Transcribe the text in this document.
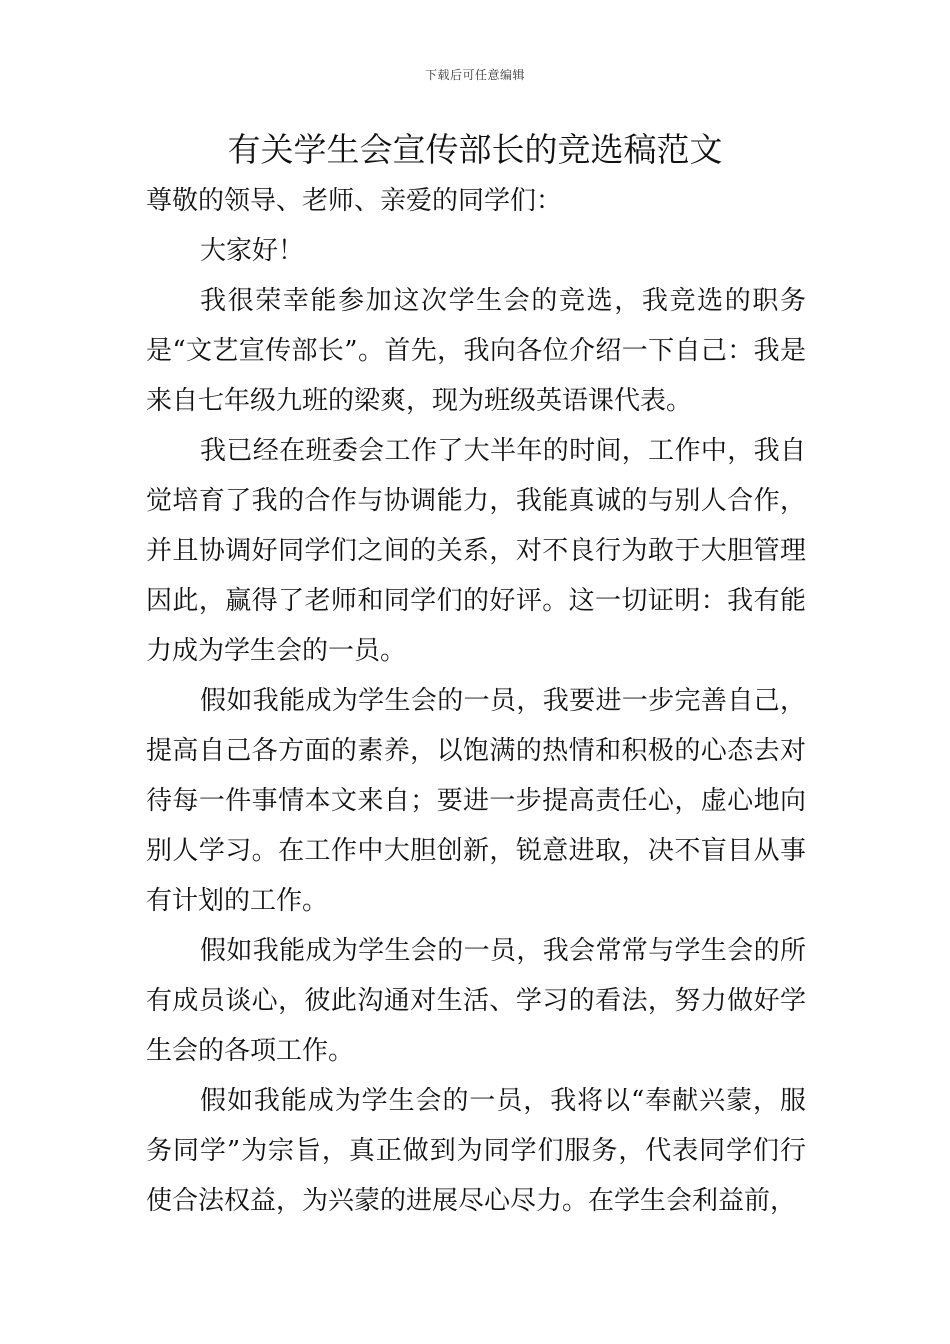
下载后可任意编辑
有关学生会宣传部长的竞选稿范文

尊敬的领导、老师、亲爱的同学们：

大家好！

我很荣幸能参加这次学生会的竞选，我竞选的职务是“文艺宣传部长”。首先，我向各位介绍一下自己：我是来自七年级九班的梁爽，现为班级英语课代表。

我已经在班委会工作了大半年的时间，工作中，我自觉培育了我的合作与协调能力，我能真诚的与别人合作，并且协调好同学们之间的关系，对不良行为敢于大胆管理因此，赢得了老师和同学们的好评。这一切证明：我有能力成为学生会的一员。

假如我能成为学生会的一员，我要进一步完善自己，提高自己各方面的素养，以饱满的热情和积极的心态去对待每一件事情本文来自；要进一步提高责任心，虚心地向别人学习。在工作中大胆创新，锐意进取，决不盲目从事有计划的工作。

假如我能成为学生会的一员，我会常常与学生会的所有成员谈心，彼此沟通对生活、学习的看法，努力做好学生会的各项工作。

假如我能成为学生会的一员，我将以“奉献兴蒙，服务同学”为宗旨，真正做到为同学们服务，代表同学们行使合法权益，为兴蒙的进展尽心尽力。在学生会利益前，
